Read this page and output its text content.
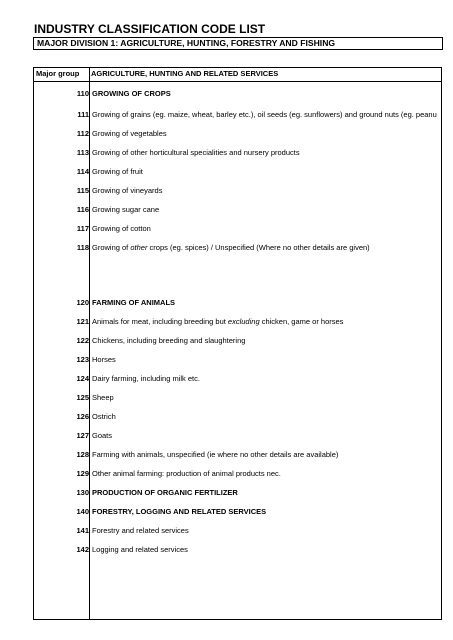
INDUSTRY CLASSIFICATION CODE LIST
MAJOR DIVISION 1: AGRICULTURE, HUNTING, FORESTRY AND FISHING
Major group	AGRICULTURE, HUNTING AND RELATED SERVICES
110 GROWING OF CROPS
111 Growing of grains (eg. maize, wheat, barley etc.), oil seeds (eg. sunflowers) and ground nuts (eg. peanu
112 Growing of vegetables
113 Growing of other horticultural specialities and nursery products
114 Growing of fruit
115 Growing of vineyards
116 Growing sugar cane
117 Growing of cotton
118 Growing of other crops (eg. spices) / Unspecified (Where no other details are given)
120 FARMING OF ANIMALS
121 Animals for meat, including breeding but excluding chicken, game or horses
122 Chickens, including breeding and slaughtering
123 Horses
124 Dairy farming, including milk etc.
125 Sheep
126 Ostrich
127 Goats
128 Farming with animals, unspecified (ie where no other details are available)
129 Other animal farming: production of animal products nec.
130 PRODUCTION OF ORGANIC FERTILIZER
140 FORESTRY, LOGGING AND RELATED SERVICES
141 Forestry and related services
142 Logging and related services
